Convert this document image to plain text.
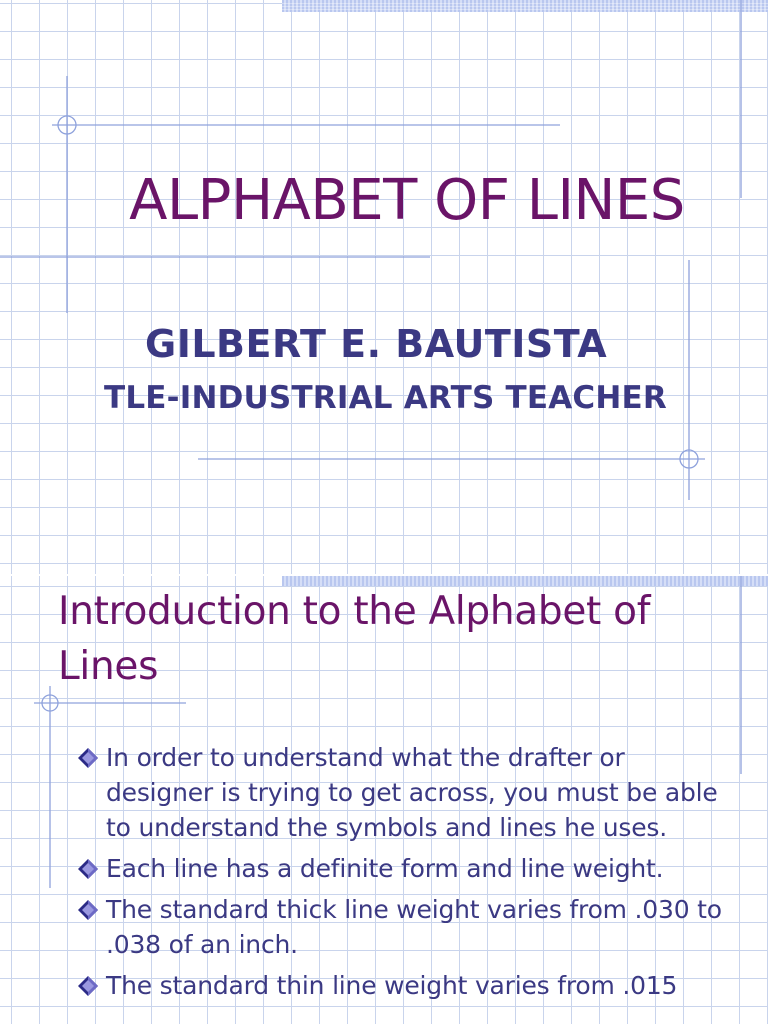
ALPHABET OF LINES
GILBERT E. BAUTISTA
TLE-INDUSTRIAL ARTS TEACHER
Introduction to the Alphabet of Lines
In order to understand what the drafter or designer is trying to get across, you must be able to understand the symbols and lines he uses.
Each line has a definite form and line weight.
The standard thick line weight varies from .030 to .038 of an inch.
The standard thin line weight varies from .015
